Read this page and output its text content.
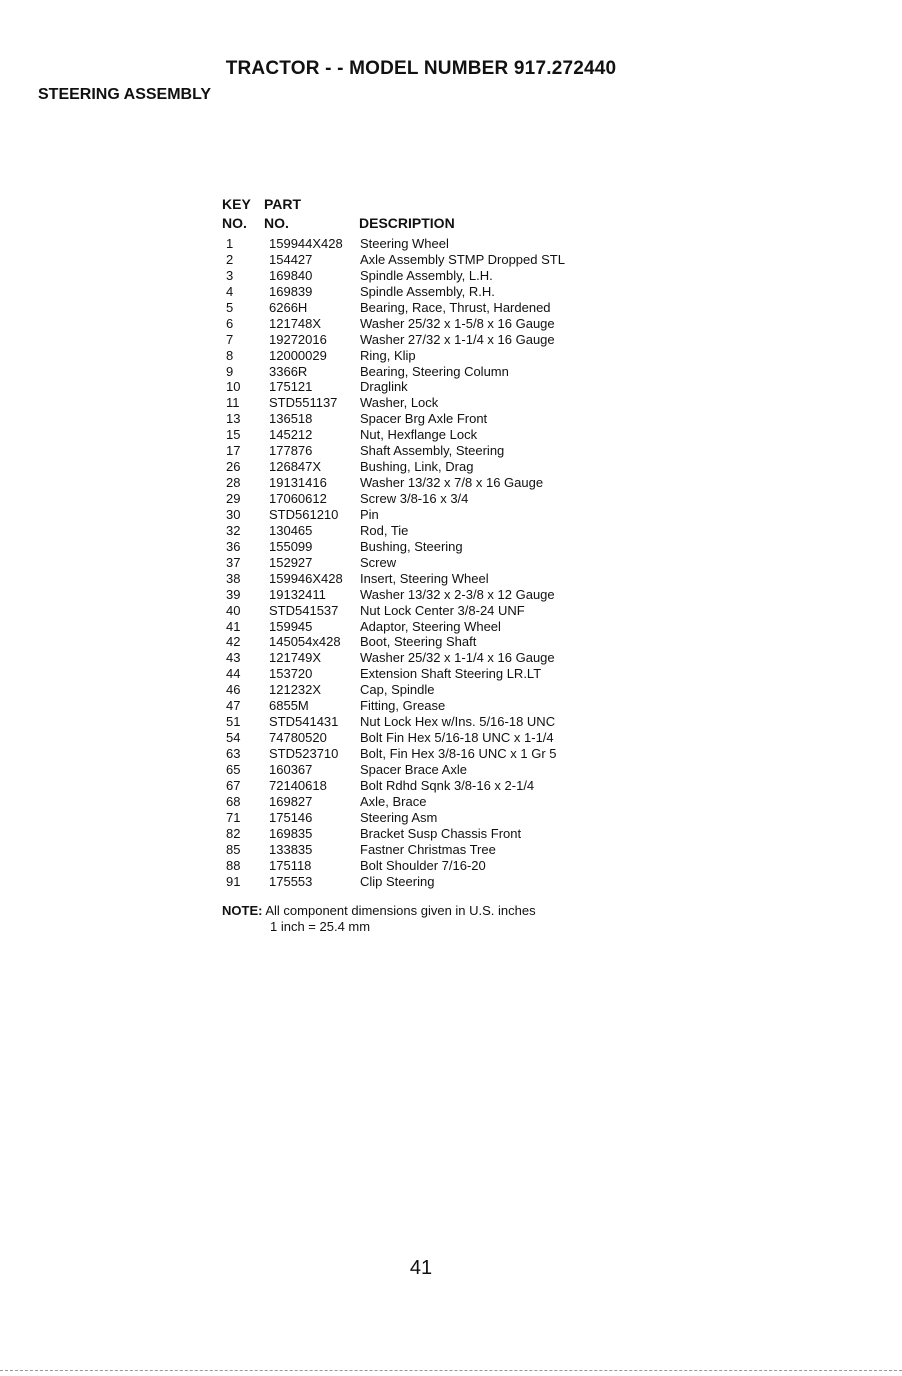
TRACTOR - - MODEL NUMBER 917.272440
STEERING ASSEMBLY
KEY PART
NO. NO.	DESCRIPTION
1	159944X428 Steering Wheel
2	154427	Axle Assembly STMP Dropped STL
3	169840	Spindle Assembly, L.H.
4	169839	Spindle Assembly, R.H.
5	6266H	Bearing, Race, Thrust, Hardened
6	121748X	Washer 25/32 x 1-5/8 x 16 Gauge
7	19272016	Washer 27/32 x 1-1/4 x 16 Gauge
8	12000029	Ring, Klip
9	3366R	Bearing, Steering Column
10 175121	Draglink
11 STD551137 Washer, Lock
13 136518	Spacer Brg Axle Front
15 145212	Nut, Hexflange Lock
17 177876	Shaft Assembly, Steering
26 126847X	Bushing, Link, Drag
28 19131416	Washer 13/32 x 7/8 x 16 Gauge
29 17060612	Screw 3/8-16 x 3/4
30 STD561210 Pin
32 130465	Rod, Tie
36 155099	Bushing, Steering
37 152927	Screw
38 159946X428 Insert, Steering Wheel
39 19132411	Washer 13/32 x 2-3/8 x 12 Gauge
40 STD541537 Nut Lock Center 3/8-24 UNF
41 159945	Adaptor, Steering Wheel
42 145054x428 Boot, Steering Shaft
43 121749X	Washer 25/32 x 1-1/4 x 16 Gauge
44 153720	Extension Shaft Steering LR.LT
46 121232X	Cap, Spindle
47 6855M	Fitting, Grease
51 STD541431 Nut Lock Hex w/Ins. 5/16-18 UNC
54 74780520	Bolt Fin Hex 5/16-18 UNC x 1-1/4
63 STD523710 Bolt, Fin Hex 3/8-16 UNC x 1 Gr 5
65 160367	Spacer Brace Axle
67 72140618	Bolt Rdhd Sqnk 3/8-16 x 2-1/4
68 169827	Axle, Brace
71 175146	Steering Asm
82 169835	Bracket Susp Chassis Front
85 133835	Fastner Christmas Tree
88 175118	Bolt Shoulder 7/16-20
91 175553	Clip Steering
NOTE: All component dimensions given in U.S. inches
1 inch = 25.4 mm
41
